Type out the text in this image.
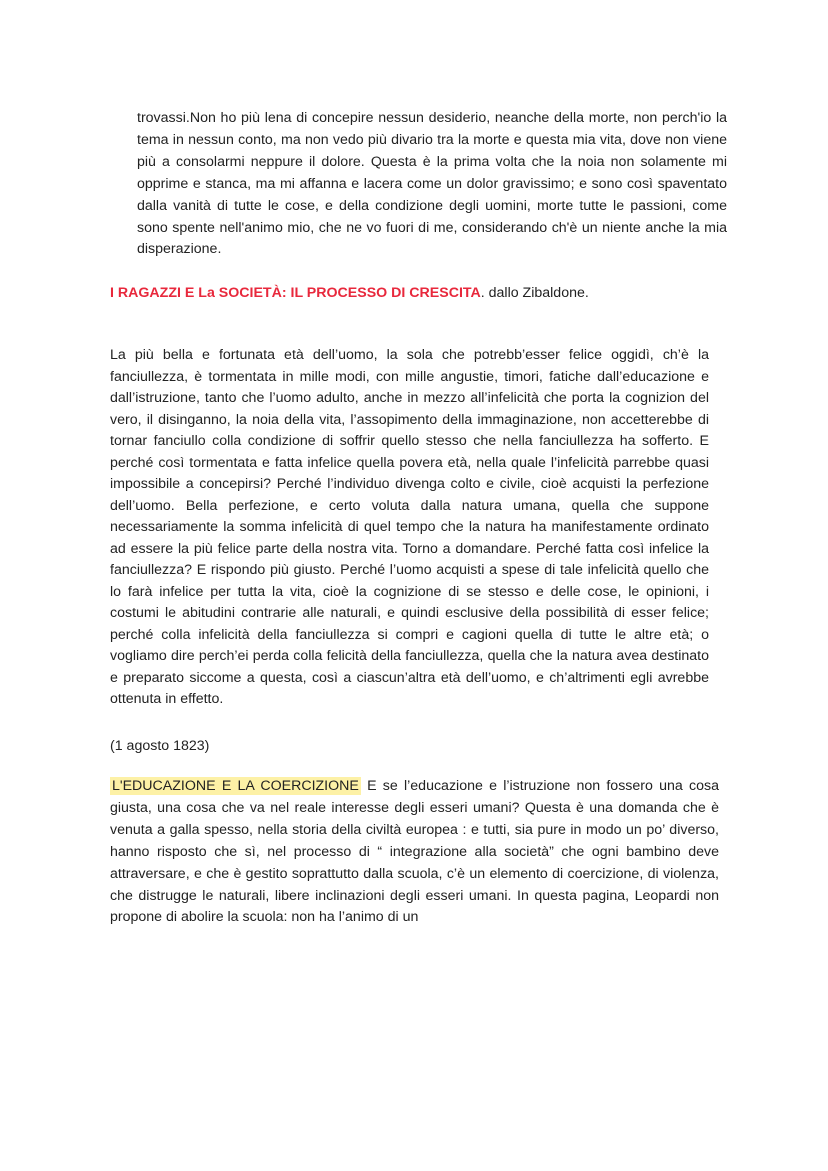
trovassi.Non ho più lena di concepire nessun desiderio, neanche della morte, non perch'io la tema in nessun conto, ma non vedo più divario tra la morte e questa mia vita, dove non viene più a consolarmi neppure il dolore. Questa è la prima volta che la noia non solamente mi opprime e stanca, ma mi affanna e lacera come un dolor gravissimo; e sono così spaventato dalla vanità di tutte le cose, e della condizione degli uomini, morte tutte le passioni, come sono spente nell'animo mio, che ne vo fuori di me, considerando ch'è un niente anche la mia disperazione.

I RAGAZZI E La SOCIETÀ: IL PROCESSO DI CRESCITA. dallo Zibaldone.

La più bella e fortunata età dell’uomo, la sola che potrebb’esser felice oggidì, ch’è la fanciullezza, è tormentata in mille modi, con mille angustie, timori, fatiche dall’educazione e dall’istruzione, tanto che l’uomo adulto, anche in mezzo all’infelicità che porta la cognizion del vero, il disinganno, la noia della vita, l’assopimento della immaginazione, non accetterebbe di tornar fanciullo colla condizione di soffrir quello stesso che nella fanciullezza ha sofferto. E perché così tormentata e fatta infelice quella povera età, nella quale l’infelicità parrebbe quasi impossibile a concepirsi? Perché l’individuo divenga colto e civile, cioè acquisti la perfezione dell’uomo. Bella perfezione, e certo voluta dalla natura umana, quella che suppone necessariamente la somma infelicità di quel tempo che la natura ha manifestamente ordinato ad essere la più felice parte della nostra vita. Torno a domandare. Perché fatta così infelice la fanciullezza? E rispondo più giusto. Perché l’uomo acquisti a spese di tale infelicità quello che lo farà infelice per tutta la vita, cioè la cognizione di se stesso e delle cose, le opinioni, i costumi le abitudini contrarie alle naturali, e quindi esclusive della possibilità di esser felice; perché colla infelicità della fanciullezza si compri e cagioni quella di tutte le altre età; o vogliamo dire perch’ei perda colla felicità della fanciullezza, quella che la natura avea destinato e preparato siccome a questa, così a ciascun’altra età dell’uomo, e ch’altrimenti egli avrebbe ottenuta in effetto.

(1 agosto 1823)

L'EDUCAZIONE E LA COERCIZIONE E se l’educazione e l’istruzione non fossero una cosa giusta, una cosa che va nel reale interesse degli esseri umani? Questa è una domanda che è venuta a galla spesso, nella storia della civiltà europea : e tutti, sia pure in modo un po’ diverso, hanno risposto che sì, nel processo di “ integrazione alla società” che ogni bambino deve attraversare, e che è gestito soprattutto dalla scuola, c’è un elemento di coercizione, di violenza, che distrugge le naturali, libere inclinazioni degli esseri umani. In questa pagina, Leopardi non propone di abolire la scuola: non ha l’animo di un
